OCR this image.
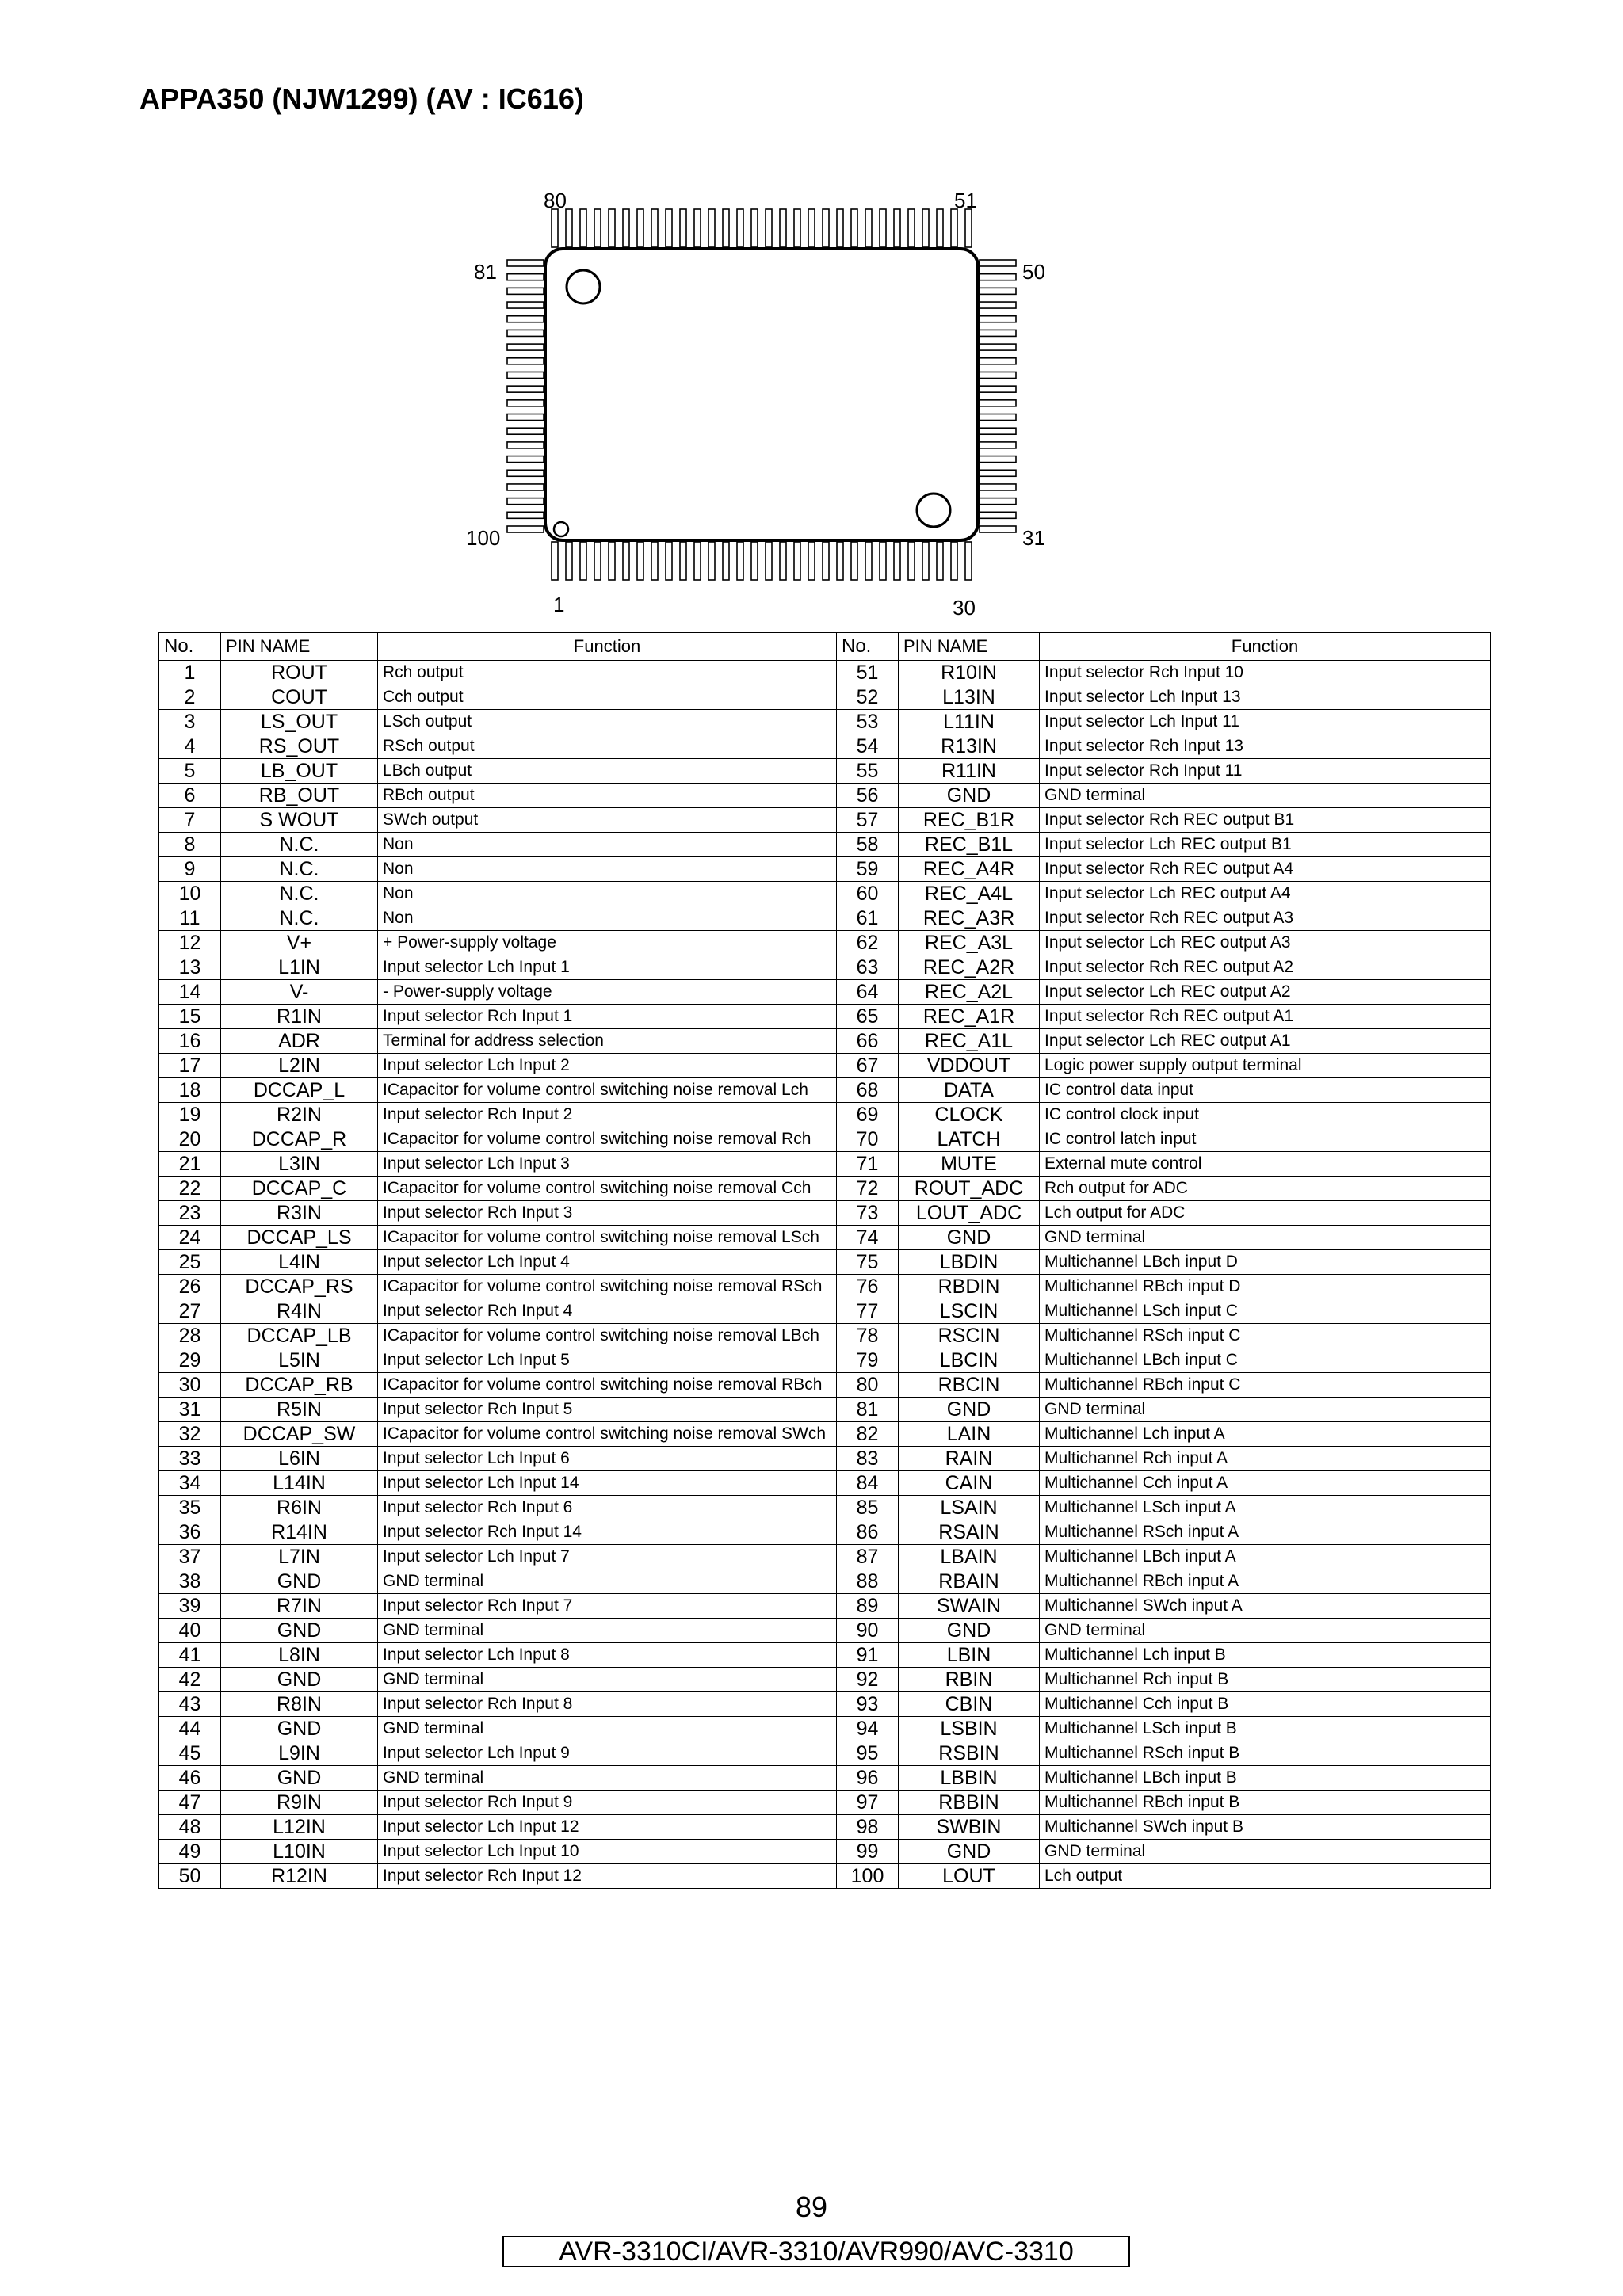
APPA350 (NJW1299) (AV : IC616)
80	51
81	50
100	31
1	30
No.	PIN NAME	Function	No.	PIN NAME	Function
1	ROUT	Rch output	51	R10IN	Input selector Rch Input 10
2	COUT	Cch output	52	L13IN	Input selector Lch Input 13
3	LS_OUT	LSch output	53	L11IN	Input selector Lch Input 11
4	RS_OUT	RSch output	54	R13IN	Input selector Rch Input 13
5	LB_OUT	LBch output	55	R11IN	Input selector Rch Input 11
6	RB_OUT	RBch output	56	GND	GND terminal
7	S WOUT	SWch output	57	REC_B1R	Input selector Rch REC output B1
8	N.C.	Non	58	REC_B1L	Input selector Lch REC output B1
9	N.C.	Non	59	REC_A4R	Input selector Rch REC output A4
10	N.C.	Non	60	REC_A4L	Input selector Lch REC output A4
11	N.C.	Non	61	REC_A3R	Input selector Rch REC output A3
12	V+	+ Power-supply voltage	62	REC_A3L	Input selector Lch REC output A3
13	L1IN	Input selector Lch Input 1	63	REC_A2R	Input selector Rch REC output A2
14	V-	- Power-supply voltage	64	REC_A2L	Input selector Lch REC output A2
15	R1IN	Input selector Rch Input 1	65	REC_A1R	Input selector Rch REC output A1
16	ADR	Terminal for address selection	66	REC_A1L	Input selector Lch REC output A1
17	L2IN	Input selector Lch Input 2	67	VDDOUT	Logic power supply output terminal
18	DCCAP_L	ICapacitor for volume control switching noise removal Lch	68	DATA	IC control data input
19	R2IN	Input selector Rch Input 2	69	CLOCK	IC control clock input
20	DCCAP_R	ICapacitor for volume control switching noise removal Rch	70	LATCH	IC control latch input
21	L3IN	Input selector Lch Input 3	71	MUTE	External mute control
22	DCCAP_C	ICapacitor for volume control switching noise removal Cch	72	ROUT_ADC	Rch output for ADC
23	R3IN	Input selector Rch Input 3	73	LOUT_ADC	Lch output for ADC
24	DCCAP_LS	ICapacitor for volume control switching noise removal LSch	74	GND	GND terminal
25	L4IN	Input selector Lch Input 4	75	LBDIN	Multichannel LBch input D
26	DCCAP_RS	ICapacitor for volume control switching noise removal RSch	76	RBDIN	Multichannel RBch input D
27	R4IN	Input selector Rch Input 4	77	LSCIN	Multichannel LSch input C
28	DCCAP_LB	ICapacitor for volume control switching noise removal LBch	78	RSCIN	Multichannel RSch input C
29	L5IN	Input selector Lch Input 5	79	LBCIN	Multichannel LBch input C
30	DCCAP_RB	ICapacitor for volume control switching noise removal RBch	80	RBCIN	Multichannel RBch input C
31	R5IN	Input selector Rch Input 5	81	GND	GND terminal
32	DCCAP_SW	ICapacitor for volume control switching noise removal SWch	82	LAIN	Multichannel Lch input A
33	L6IN	Input selector Lch Input 6	83	RAIN	Multichannel Rch input A
34	L14IN	Input selector Lch Input 14	84	CAIN	Multichannel Cch input A
35	R6IN	Input selector Rch Input 6	85	LSAIN	Multichannel LSch input A
36	R14IN	Input selector Rch Input 14	86	RSAIN	Multichannel RSch input A
37	L7IN	Input selector Lch Input 7	87	LBAIN	Multichannel LBch input A
38	GND	GND terminal	88	RBAIN	Multichannel RBch input A
39	R7IN	Input selector Rch Input 7	89	SWAIN	Multichannel SWch input A
40	GND	GND terminal	90	GND	GND terminal
41	L8IN	Input selector Lch Input 8	91	LBIN	Multichannel Lch input B
42	GND	GND terminal	92	RBIN	Multichannel Rch input B
43	R8IN	Input selector Rch Input 8	93	CBIN	Multichannel Cch input B
44	GND	GND terminal	94	LSBIN	Multichannel LSch input B
45	L9IN	Input selector Lch Input 9	95	RSBIN	Multichannel RSch input B
46	GND	GND terminal	96	LBBIN	Multichannel LBch input B
47	R9IN	Input selector Rch Input 9	97	RBBIN	Multichannel RBch input B
48	L12IN	Input selector Lch Input 12	98	SWBIN	Multichannel SWch input B
49	L10IN	Input selector Lch Input 10	99	GND	GND terminal
50	R12IN	Input selector Rch Input 12	100	LOUT	Lch output
89
AVR-3310CI/AVR-3310/AVR990/AVC-3310
